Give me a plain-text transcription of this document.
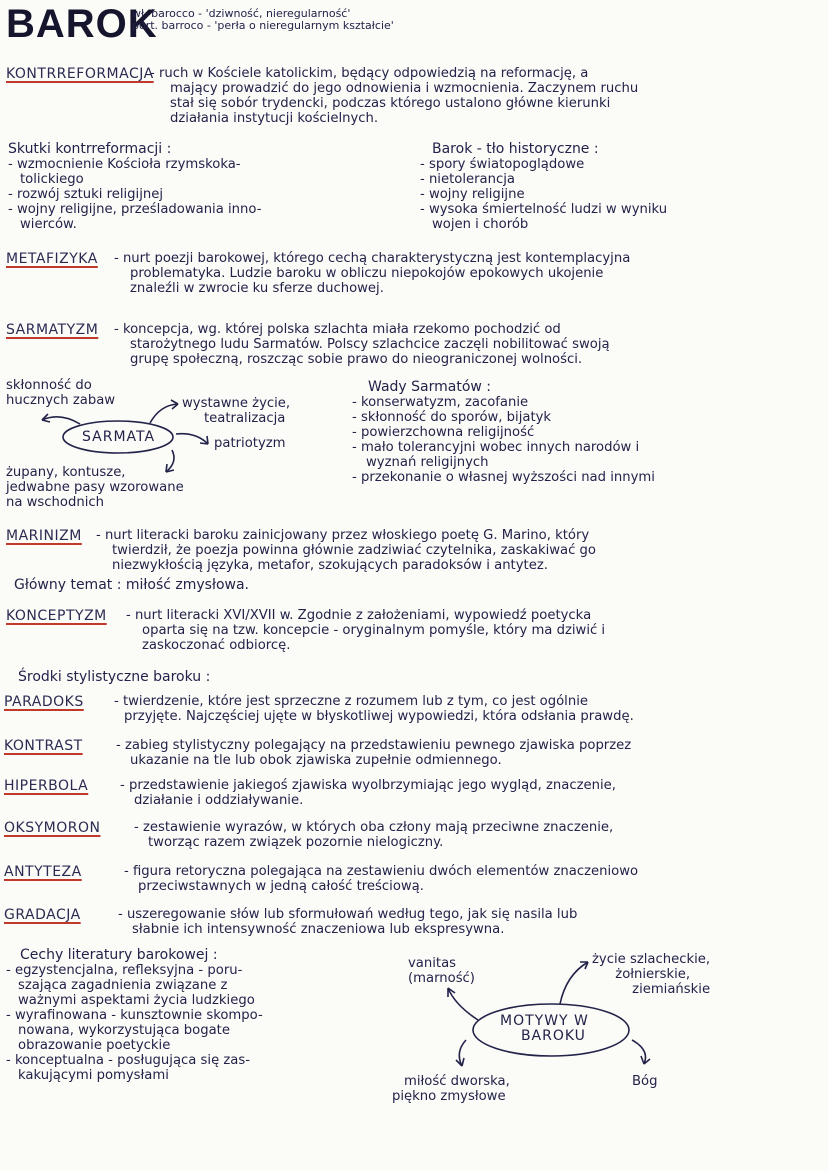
BAROK
wł. barocco - 'dziwność, nieregularność'
port. barroco - 'perła o nieregularnym kształcie'
KONTRREFORMACJA
- ruch w Kościele katolickim, będący odpowiedzią na reformację, a
mający prowadzić do jego odnowienia i wzmocnienia. Zaczynem ruchu
stał się sobór trydencki, podczas którego ustalono główne kierunki
działania instytucji kościelnych.
Skutki kontrreformacji :
- wzmocnienie Kościoła rzymskoka-
tolickiego
- rozwój sztuki religijnej
- wojny religijne, prześladowania inno-
wierców.
Barok - tło historyczne :
- spory światopoglądowe
- nietolerancja
- wojny religijne
- wysoka śmiertelność ludzi w wyniku
wojen i chorób
METAFIZYKA - nurt poezji barokowej, którego cechą charakterystyczną jest kontemplacyjna
problematyka. Ludzie baroku w obliczu niepokojów epokowych ukojenie
znaleźli w zwrocie ku sferze duchowej.
SARMATYZM - koncepcja, wg. której polska szlachta miała rzekomo pochodzić od
starożytnego ludu Sarmatów. Polscy szlachcice zaczęli nobilitować swoją
grupę społeczną, roszcząc sobie prawo do nieograniczonej wolności.
skłonność do
hucznych zabaw	wystawne życie,
teatralizacja
SARMATA	patriotyzm
żupany, kontusze,
jedwabne pasy wzorowane
na wschodnich
Wady Sarmatów :
- konserwatyzm, zacofanie
- skłonność do sporów, bijatyk
- powierzchowna religijność
- mało tolerancyjni wobec innych narodów i
wyznań religijnych
- przekonanie o własnej wyższości nad innymi
MARINIZM - nurt literacki baroku zainicjowany przez włoskiego poetę G. Marino, który
twierdził, że poezja powinna głównie zadziwiać czytelnika, zaskakiwać go
niezwykłością języka, metafor, szokujących paradoksów i antytez.
Główny temat : miłość zmysłowa.
KONCEPTYZM - nurt literacki XVI/XVII w. Zgodnie z założeniami, wypowiedź poetycka
oparta się na tzw. koncepcie - oryginalnym pomyśle, który ma dziwić i
zaskoczonać odbiorcę.
Środki stylistyczne baroku :
PARADOKS - twierdzenie, które jest sprzeczne z rozumem lub z tym, co jest ogólnie
przyjęte. Najczęściej ujęte w błyskotliwej wypowiedzi, która odsłania prawdę.
KONTRAST	- zabieg stylistyczny polegający na przedstawieniu pewnego zjawiska poprzez
ukazanie na tle lub obok zjawiska zupełnie odmiennego.
HIPERBOLA - przedstawienie jakiegoś zjawiska wyolbrzymiając jego wygląd, znaczenie,
działanie i oddziaływanie.
OKSYMORON	- zestawienie wyrazów, w których oba człony mają przeciwne znaczenie,
tworząc razem związek pozornie nielogiczny.
ANTYTEZA	- figura retoryczna polegająca na zestawieniu dwóch elementów znaczeniowo
przeciwstawnych w jedną całość treściową.
GRADACJA	- uszeregowanie słów lub sformułowań według tego, jak się nasila lub
słabnie ich intensywność znaczeniowa lub ekspresywna.
Cechy literatury barokowej :
- egzystencjalna, refleksyjna - poru-
szająca zagadnienia związane z
ważnymi aspektami życia ludzkiego
- wyrafinowana - kunsztownie skompo-
nowana, wykorzystująca bogate
obrazowanie poetyckie
- konceptualna - posługująca się zas-
kakującymi pomysłami
vanitas
(marność)
życie szlacheckie,
żołnierskie,
ziemiańskie
MOTYWY W
BAROKU
miłość dworska,
piękno zmysłowe
Bóg
